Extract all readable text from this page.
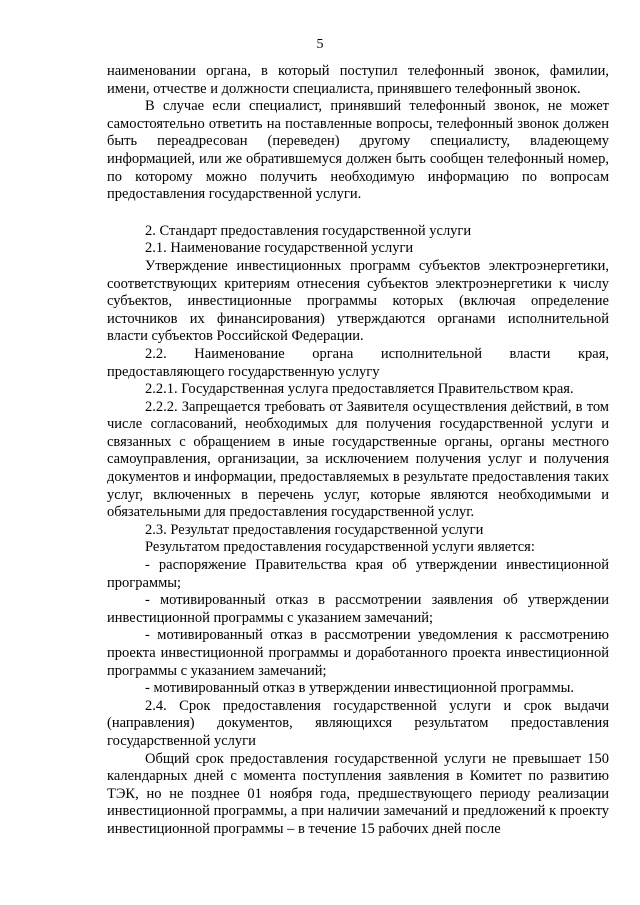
5

наименовании органа, в который поступил телефонный звонок, фамилии, имени, отчестве и должности специалиста, принявшего телефонный звонок.

В случае если специалист, принявший телефонный звонок, не может самостоятельно ответить на поставленные вопросы, телефонный звонок должен быть переадресован (переведен) другому специалисту, владеющему информацией, или же обратившемуся должен быть сообщен телефонный номер, по которому можно получить необходимую информацию по вопросам предоставления государственной услуги.

2. Стандарт предоставления государственной услуги

2.1. Наименование государственной услуги

Утверждение инвестиционных программ субъектов электроэнергетики, соответствующих критериям отнесения субъектов электроэнергетики к числу субъектов, инвестиционные программы которых (включая определение источников их финансирования) утверждаются органами исполнительной власти субъектов Российской Федерации.

2.2. Наименование органа исполнительной власти края, предоставляющего государственную услугу

2.2.1. Государственная услуга предоставляется Правительством края.

2.2.2. Запрещается требовать от Заявителя осуществления действий, в том числе согласований, необходимых для получения государственной услуги и связанных с обращением в иные государственные органы, органы местного самоуправления, организации, за исключением получения услуг и получения документов и информации, предоставляемых в результате предоставления таких услуг, включенных в перечень услуг, которые являются необходимыми и обязательными для предоставления государственной услуг.

2.3. Результат предоставления государственной услуги

Результатом предоставления государственной услуги является:

- распоряжение Правительства края об утверждении инвестиционной программы;

- мотивированный отказ в рассмотрении заявления об утверждении инвестиционной программы с указанием замечаний;

- мотивированный отказ в рассмотрении уведомления к рассмотрению проекта инвестиционной программы и доработанного проекта инвестиционной программы с указанием замечаний;

- мотивированный отказ в утверждении инвестиционной программы.

2.4. Срок предоставления государственной услуги и срок выдачи (направления) документов, являющихся результатом предоставления государственной услуги

Общий срок предоставления государственной услуги не превышает 150 календарных дней с момента поступления заявления в Комитет по развитию ТЭК, но не позднее 01 ноября года, предшествующего периоду реализации инвестиционной программы, а при наличии замечаний и предложений к проекту инвестиционной программы – в течение 15 рабочих дней после
